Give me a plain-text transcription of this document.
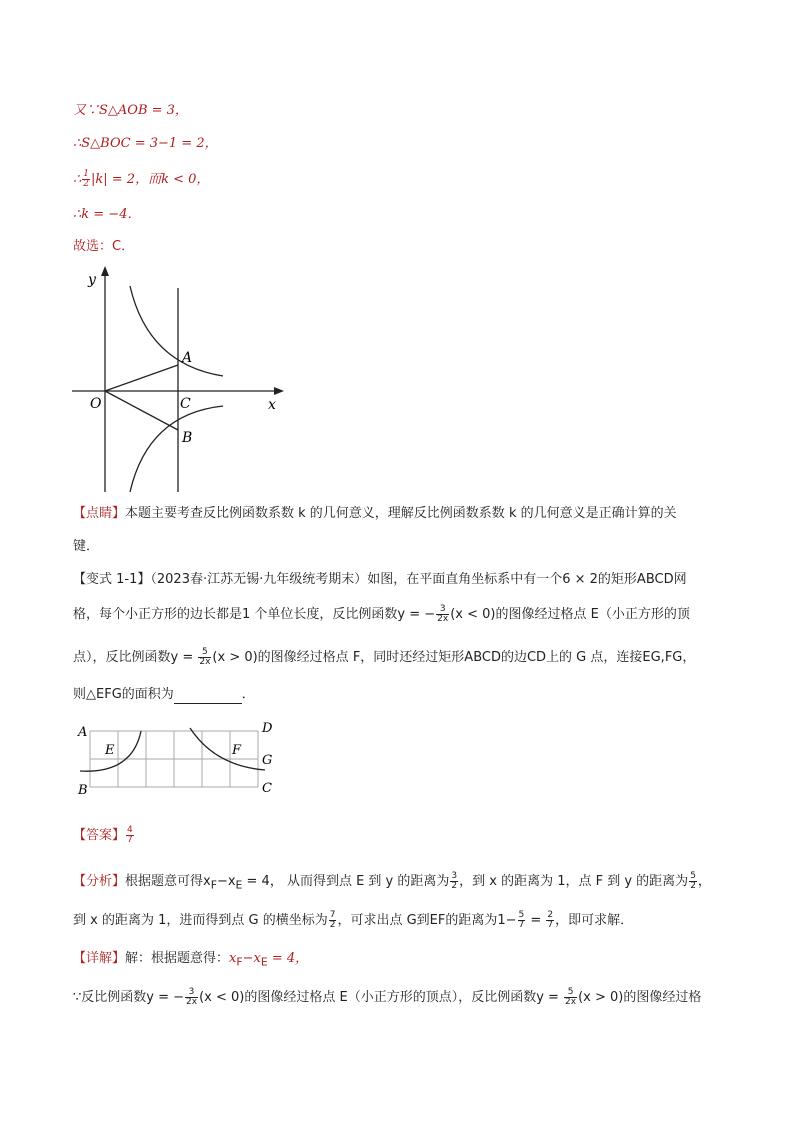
又∵S△AOB = 3，
∴S△BOC = 3−1 = 2，
∴ $\frac{1}{2} |k| = 2$，而k < 0，
∴k = −4．
故选：C．
y
x
O
A
C
B
【点睛】本题主要考查反比例函数系数 k 的几何意义，理解反比例函数系数 k 的几何意义是正确计算的关
键．
【变式 1-1】（2023春·江苏无锡·九年级统考期末）如图，在平面直角坐标系中有一个6 × 2的矩形ABCD网
格，每个小正方形的边长都是1 个单位长度，反比例函数y = − $\frac{3}{2x} (x < 0)$的图像经过格点 E（小正方形的顶
点），反比例函数$y = \frac{5}{2x} (x > 0)$的图像经过格点 F，同时还经过矩形ABCD的边CD上的 G 点，连接EG,FG，
则△EFG的面积为	．
A
B
E	F
D
G
C
【答案】 $\frac{4}{7}$
【分析】根据题意可得$x_F-x_E = 4$， 从而得到点 E 到 y 的距离为 $\frac{3}{2}$ ，到 x 的距离为 1，点 F 到 y 的距离为 $\frac{5}{2}$ ，
到 x 的距离为 1，进而得到点 G 的横坐标为 $\frac{7}{2}$ ，可求出点 G到EF的距离为$1- \frac{5}{7} = \frac{2}{7}$ ，即可求解．
【详解】解：根据题意得：$x_F-x_E = 4$，
∵反比例函数y = − $\frac{3}{2x} (x < 0)$的图像经过格点 E（小正方形的顶点），反比例函数$y = \frac{5}{2x} (x > 0)$的图像经过格
